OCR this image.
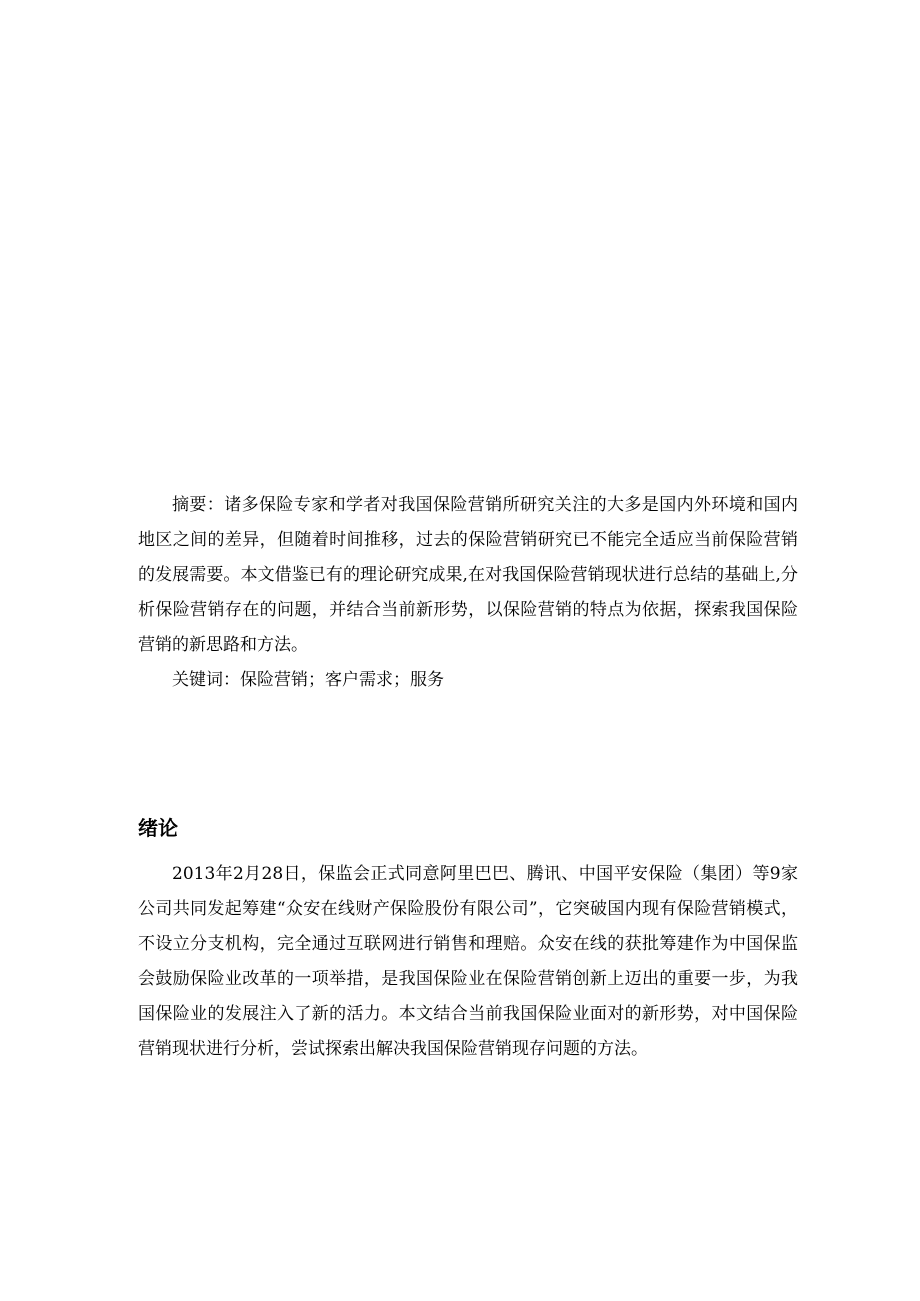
摘要：诸多保险专家和学者对我国保险营销所研究关注的大多是国内外环境和国内地区之间的差异，但随着时间推移，过去的保险营销研究已不能完全适应当前保险营销的发展需要。本文借鉴已有的理论研究成果,在对我国保险营销现状进行总结的基础上,分析保险营销存在的问题，并结合当前新形势，以保险营销的特点为依据，探索我国保险营销的新思路和方法。

关键词：保险营销；客户需求；服务

绪论

2013年2月28日，保监会正式同意阿里巴巴、腾讯、中国平安保险（集团）等9家公司共同发起筹建“众安在线财产保险股份有限公司”，它突破国内现有保险营销模式，不设立分支机构，完全通过互联网进行销售和理赔。众安在线的获批筹建作为中国保监会鼓励保险业改革的一项举措，是我国保险业在保险营销创新上迈出的重要一步，为我国保险业的发展注入了新的活力。本文结合当前我国保险业面对的新形势，对中国保险营销现状进行分析，尝试探索出解决我国保险营销现存问题的方法。
